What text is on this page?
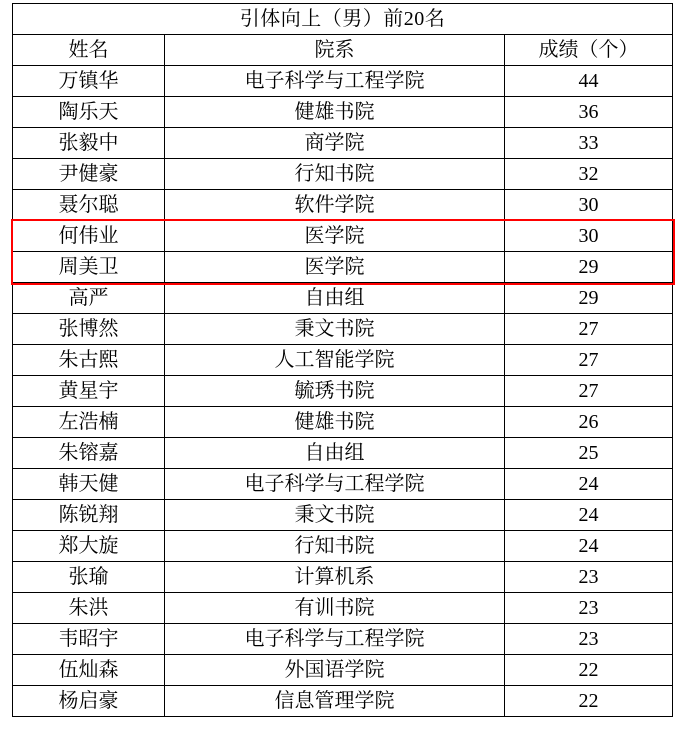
引体向上（男）前20名		
姓名	院系	成绩（个）
万镇华	电子科学与工程学院	44
陶乐天	健雄书院	36
张毅中	商学院	33
尹健豪	行知书院	32
聂尔聪	软件学院	30
何伟业	医学院	30
周美卫	医学院	29
高严	自由组	29
张博然	秉文书院	27
朱古熙	人工智能学院	27
黄星宇	毓琇书院	27
左浩楠	健雄书院	26
朱镕嘉	自由组	25
韩天健	电子科学与工程学院	24
陈锐翔	秉文书院	24
郑大旋	行知书院	24
张瑜	计算机系	23
朱洪	有训书院	23
韦昭宇	电子科学与工程学院	23
伍灿森	外国语学院	22
杨启豪	信息管理学院	22
